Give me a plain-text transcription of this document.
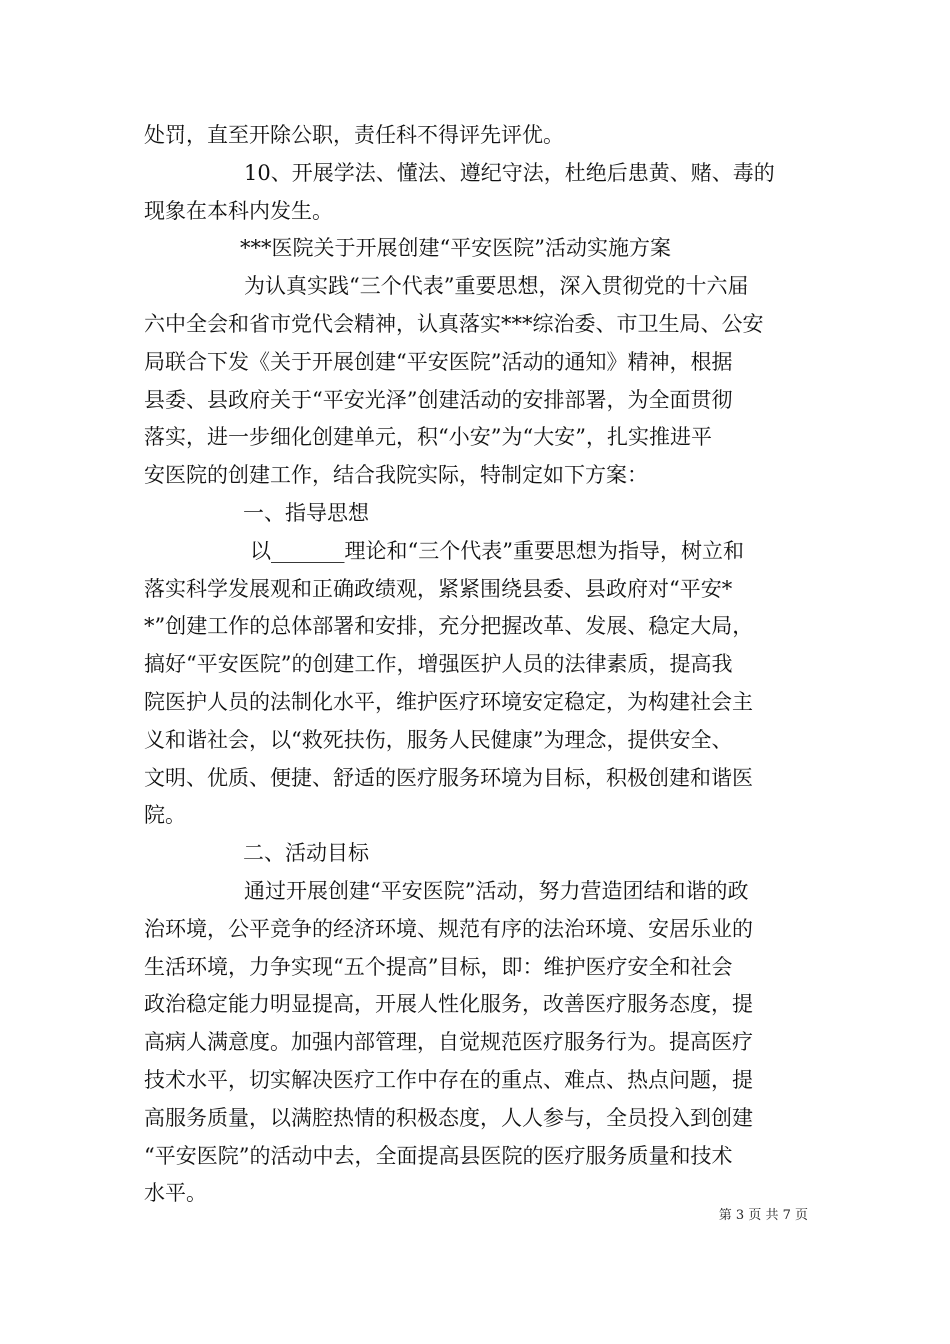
处罚，直至开除公职，责任科不得评先评优。
10、开展学法、懂法、遵纪守法，杜绝后患黄、赌、毒的
现象在本科内发生。
***医院关于开展创建“平安医院”活动实施方案
为认真实践“三个代表”重要思想，深入贯彻党的十六届
六中全会和省市党代会精神，认真落实***综治委、市卫生局、公安
局联合下发《关于开展创建“平安医院”活动的通知》精神，根据
县委、县政府关于“平安光泽”创建活动的安排部署，为全面贯彻
落实，进一步细化创建单元，积“小安”为“大安”，扎实推进平
安医院的创建工作，结合我院实际，特制定如下方案：
一、指导思想
以_______理论和“三个代表”重要思想为指导，树立和
落实科学发展观和正确政绩观，紧紧围绕县委、县政府对“平安*
*”创建工作的总体部署和安排，充分把握改革、发展、稳定大局，
搞好“平安医院”的创建工作，增强医护人员的法律素质，提高我
院医护人员的法制化水平，维护医疗环境安定稳定，为构建社会主
义和谐社会，以“救死扶伤，服务人民健康”为理念，提供安全、
文明、优质、便捷、舒适的医疗服务环境为目标，积极创建和谐医
院。
二、活动目标
通过开展创建“平安医院”活动，努力营造团结和谐的政
治环境，公平竞争的经济环境、规范有序的法治环境、安居乐业的
生活环境，力争实现“五个提高”目标，即：维护医疗安全和社会
政治稳定能力明显提高，开展人性化服务，改善医疗服务态度，提
高病人满意度。加强内部管理，自觉规范医疗服务行为。提高医疗
技术水平，切实解决医疗工作中存在的重点、难点、热点问题，提
高服务质量，以满腔热情的积极态度，人人参与，全员投入到创建
“平安医院”的活动中去，全面提高县医院的医疗服务质量和技术
水平。
第 3 页 共 7 页
